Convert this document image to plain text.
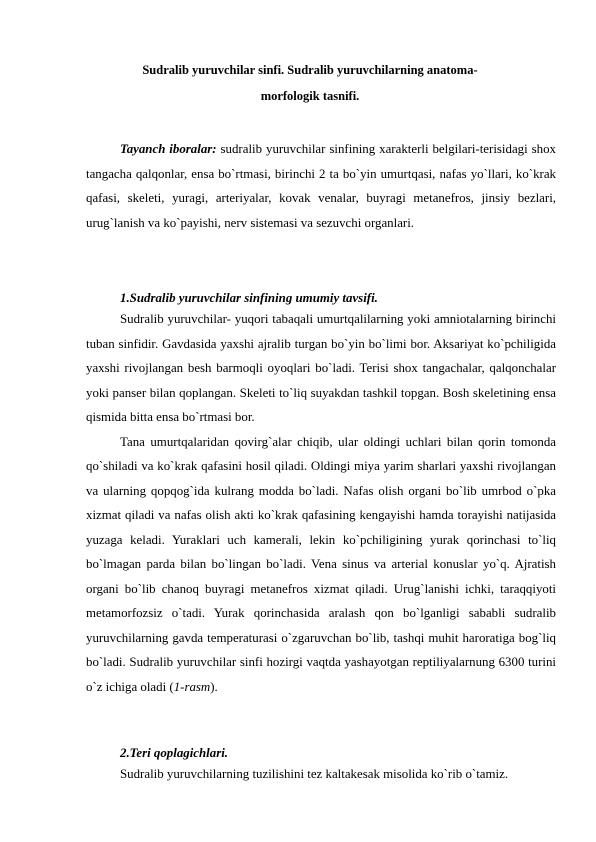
Sudralib yuruvchilar sinfi. Sudralib yuruvchilarning anatoma-
morfologik tasnifi.

Tayanch iboralar: sudralib yuruvchilar sinfining xarakterli belgilari-terisidagi shox tangacha qalqonlar, ensa bo`rtmasi, birinchi 2 ta bo`yin umurtqasi, nafas yo`llari, ko`krak qafasi, skeleti, yuragi, arteriyalar, kovak venalar, buyragi metanefros, jinsiy bezlari, urug`lanish va ko`payishi, nerv sistemasi va sezuvchi organlari.

1.Sudralib yuruvchilar sinfining umumiy tavsifi.

Sudralib yuruvchilar- yuqori tabaqali umurtqalilarning yoki amniotalarning birinchi tuban sinfidir. Gavdasida yaxshi ajralib turgan bo`yin bo`limi bor. Aksariyat ko`pchiligida yaxshi rivojlangan besh barmoqli oyoqlari bo`ladi. Terisi shox tangachalar, qalqonchalar yoki panser bilan qoplangan. Skeleti to`liq suyakdan tashkil topgan. Bosh skeletining ensa qismida bitta ensa bo`rtmasi bor.

Tana umurtqalaridan qovirg`alar chiqib, ular oldingi uchlari bilan qorin tomonda qo`shiladi va ko`krak qafasini hosil qiladi. Oldingi miya yarim sharlari yaxshi rivojlangan va ularning qopqog`ida kulrang modda bo`ladi. Nafas olish organi bo`lib umrbod o`pka xizmat qiladi va nafas olish akti ko`krak qafasining kengayishi hamda torayishi natijasida yuzaga keladi. Yuraklari uch kamerali, lekin ko`pchiligining yurak qorinchasi to`liq bo`lmagan parda bilan bo`lingan bo`ladi. Vena sinus va arterial konuslar yo`q. Ajratish organi bo`lib chanoq buyragi metanefros xizmat qiladi. Urug`lanishi ichki, taraqqiyoti metamorfozsiz o`tadi. Yurak qorinchasida aralash qon bo`lganligi sababli sudralib yuruvchilarning gavda temperaturasi o`zgaruvchan bo`lib, tashqi muhit haroratiga bog`liq bo`ladi. Sudralib yuruvchilar sinfi hozirgi vaqtda yashayotgan reptiliyalarnung 6300 turini o`z ichiga oladi (1-rasm).

2.Teri qoplagichlari.

Sudralib yuruvchilarning tuzilishini tez kaltakesak misolida ko`rib o`tamiz.
